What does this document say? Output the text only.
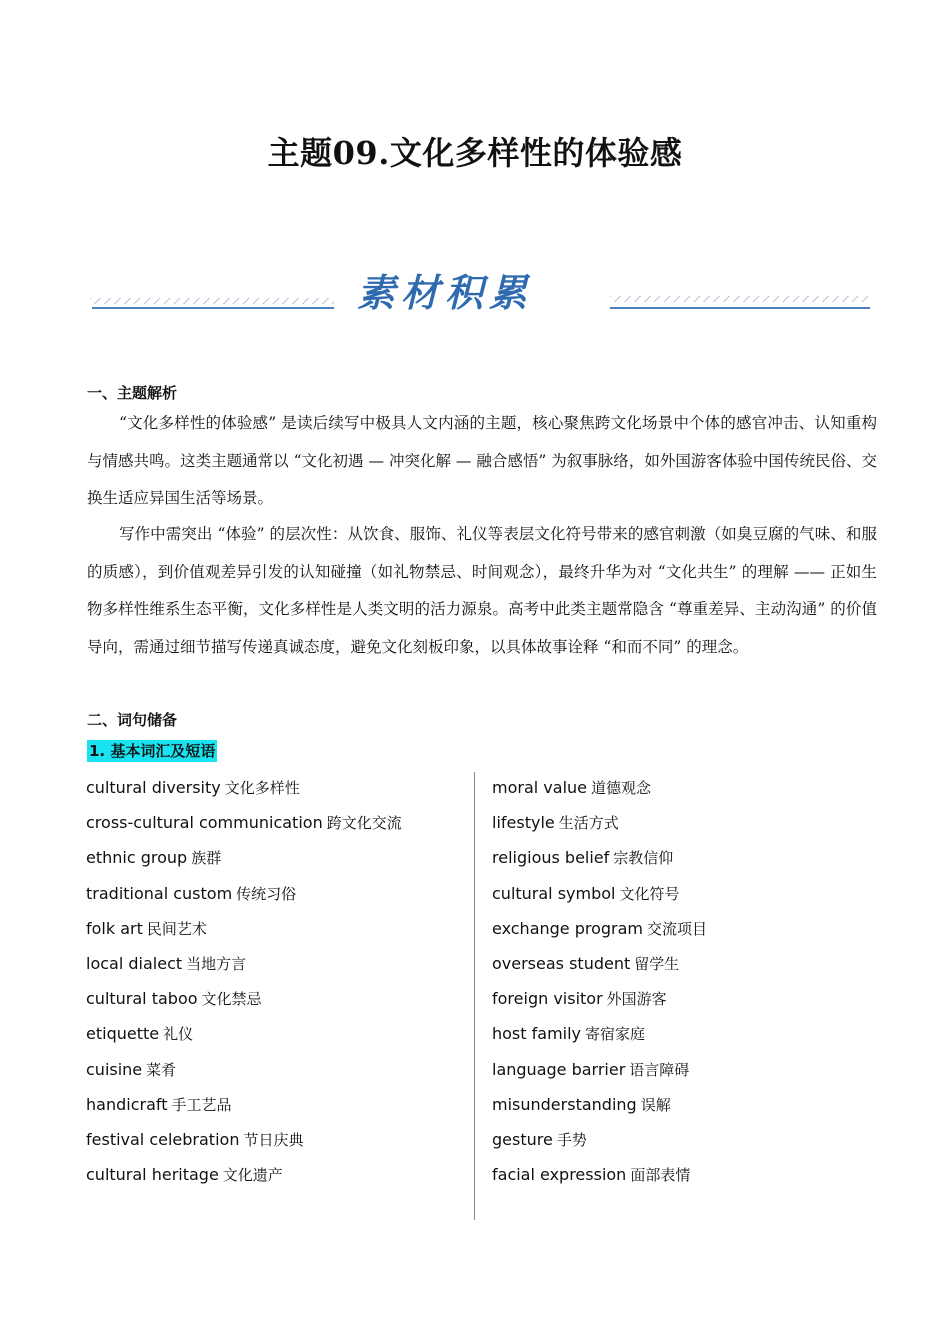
主题09.文化多样性的体验感
素材积累
一、主题解析

“文化多样性的体验感” 是读后续写中极具人文内涵的主题，核心聚焦跨文化场景中个体的感官冲击、认知重构与情感共鸣。这类主题通常以 “文化初遇 — 冲突化解 — 融合感悟” 为叙事脉络，如外国游客体验中国传统民俗、交换生适应异国生活等场景。

写作中需突出 “体验” 的层次性：从饮食、服饰、礼仪等表层文化符号带来的感官刺激（如臭豆腐的气味、和服的质感），到价值观差异引发的认知碰撞（如礼物禁忌、时间观念），最终升华为对 “文化共生” 的理解 —— 正如生物多样性维系生态平衡，文化多样性是人类文明的活力源泉。高考中此类主题常隐含 “尊重差异、主动沟通” 的价值导向，需通过细节描写传递真诚态度，避免文化刻板印象，以具体故事诠释 “和而不同” 的理念。

二、词句储备
1. 基本词汇及短语
cultural diversity 文化多样性
cross-cultural communication 跨文化交流
ethnic group 族群
traditional custom 传统习俗
folk art 民间艺术
local dialect 当地方言
cultural taboo 文化禁忌
etiquette 礼仪
cuisine 菜肴
handicraft 手工艺品
festival celebration 节日庆典
cultural heritage 文化遗产
moral value 道德观念
lifestyle 生活方式
religious belief 宗教信仰
cultural symbol 文化符号
exchange program 交流项目
overseas student 留学生
foreign visitor 外国游客
host family 寄宿家庭
language barrier 语言障碍
misunderstanding 误解
gesture 手势
facial expression 面部表情
